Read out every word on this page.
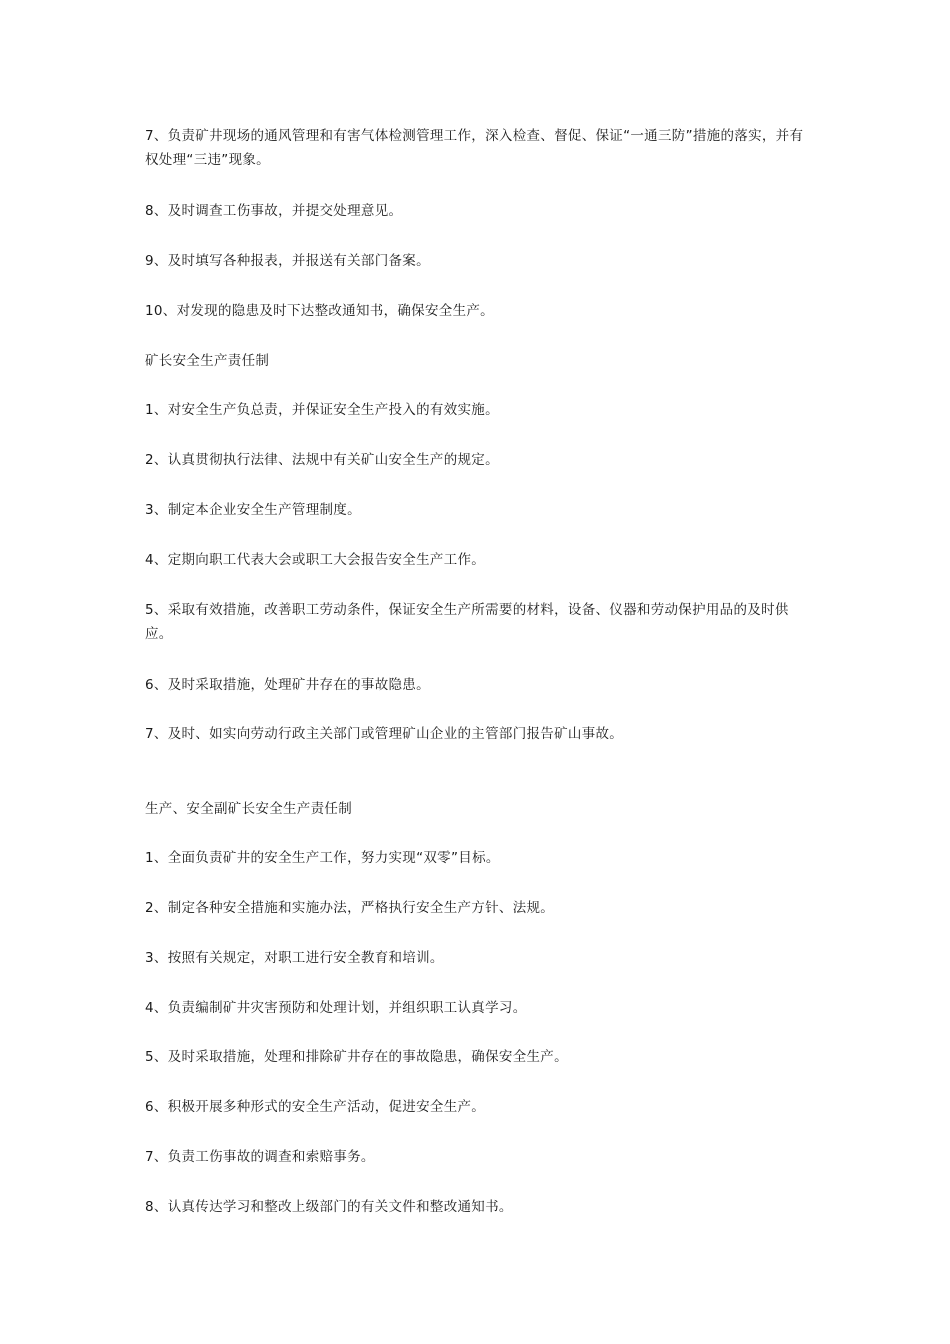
7、负责矿井现场的通风管理和有害气体检测管理工作，深入检查、督促、保证“一通三防”措施的落实，并有权处理“三违”现象。

8、及时调查工伤事故，并提交处理意见。

9、及时填写各种报表，并报送有关部门备案。

10、对发现的隐患及时下达整改通知书，确保安全生产。

矿长安全生产责任制

1、对安全生产负总责，并保证安全生产投入的有效实施。

2、认真贯彻执行法律、法规中有关矿山安全生产的规定。

3、制定本企业安全生产管理制度。

4、定期向职工代表大会或职工大会报告安全生产工作。

5、采取有效措施，改善职工劳动条件，保证安全生产所需要的材料，设备、仪器和劳动保护用品的及时供应。

6、及时采取措施，处理矿井存在的事故隐患。

7、及时、如实向劳动行政主关部门或管理矿山企业的主管部门报告矿山事故。

生产、安全副矿长安全生产责任制

1、全面负责矿井的安全生产工作，努力实现“双零”目标。

2、制定各种安全措施和实施办法，严格执行安全生产方针、法规。

3、按照有关规定，对职工进行安全教育和培训。

4、负责编制矿井灾害预防和处理计划，并组织职工认真学习。

5、及时采取措施，处理和排除矿井存在的事故隐患，确保安全生产。

6、积极开展多种形式的安全生产活动，促进安全生产。

7、负责工伤事故的调查和索赔事务。

8、认真传达学习和整改上级部门的有关文件和整改通知书。
